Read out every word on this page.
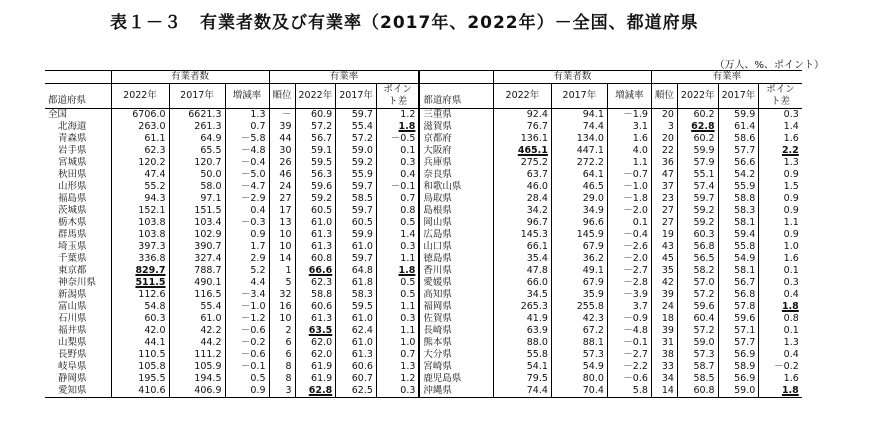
表１－３　有業者数及び有業率（2017年、2022年）－全国、都道府県
（万人、%、ポイント）
	有業者数			有業率					有業者数			有業率			
都道府県	2022年	2017年	増減率	順位	2022年	2017年	ポイント差	都道府県	2022年	2017年	増減率	順位	2022年	2017年	ポイント差
全国	6706.0	6621.3	1.3	－	60.9	59.7	1.2	三重県	92.4	94.1	－1.9	20	60.2	59.9	0.3
北海道	263.0	261.3	0.7	39	57.2	55.4	1.8	滋賀県	76.7	74.4	3.1	3	62.8	61.4	1.4
青森県	61.1	64.9	－5.8	44	56.7	57.2	－0.5	京都府	136.1	134.0	1.6	20	60.2	58.6	1.6
岩手県	62.3	65.5	－4.8	30	59.1	59.0	0.1	大阪府	465.1	447.1	4.0	22	59.9	57.7	2.2
宮城県	120.2	120.7	－0.4	26	59.5	59.2	0.3	兵庫県	275.2	272.2	1.1	36	57.9	56.6	1.3
秋田県	47.4	50.0	－5.0	46	56.3	55.9	0.4	奈良県	63.7	64.1	－0.7	47	55.1	54.2	0.9
山形県	55.2	58.0	－4.7	24	59.6	59.7	－0.1	和歌山県	46.0	46.5	－1.0	37	57.4	55.9	1.5
福島県	94.3	97.1	－2.9	27	59.2	58.5	0.7	鳥取県	28.4	29.0	－1.8	23	59.7	58.8	0.9
茨城県	152.1	151.5	0.4	17	60.5	59.7	0.8	島根県	34.2	34.9	－2.0	27	59.2	58.3	0.9
栃木県	103.8	103.4	－0.3	13	61.0	60.5	0.5	岡山県	96.7	96.6	0.1	27	59.2	58.1	1.1
群馬県	103.8	102.9	0.9	10	61.3	59.9	1.4	広島県	145.3	145.9	－0.4	19	60.3	59.4	0.9
埼玉県	397.3	390.7	1.7	10	61.3	61.0	0.3	山口県	66.1	67.9	－2.6	43	56.8	55.8	1.0
千葉県	336.8	327.4	2.9	14	60.8	59.7	1.1	徳島県	35.4	36.2	－2.0	45	56.5	54.9	1.6
東京都	829.7	788.7	5.2	1	66.6	64.8	1.8	香川県	47.8	49.1	－2.7	35	58.2	58.1	0.1
神奈川県	511.5	490.1	4.4	5	62.3	61.8	0.5	愛媛県	66.0	67.9	－2.8	42	57.0	56.7	0.3
新潟県	112.6	116.5	－3.4	32	58.8	58.3	0.5	高知県	34.5	35.9	－3.9	39	57.2	56.8	0.4
富山県	54.8	55.4	－1.0	16	60.6	59.5	1.1	福岡県	265.3	255.8	3.7	24	59.6	57.8	1.8
石川県	60.3	61.0	－1.2	10	61.3	61.0	0.3	佐賀県	41.9	42.3	－0.9	18	60.4	59.6	0.8
福井県	42.0	42.2	－0.6	2	63.5	62.4	1.1	長崎県	63.9	67.2	－4.8	39	57.2	57.1	0.1
山梨県	44.1	44.2	－0.2	6	62.0	61.0	1.0	熊本県	88.0	88.1	－0.1	31	59.0	57.7	1.3
長野県	110.5	111.2	－0.6	6	62.0	61.3	0.7	大分県	55.8	57.3	－2.7	38	57.3	56.9	0.4
岐阜県	105.8	105.9	－0.1	8	61.9	60.6	1.3	宮崎県	54.1	54.9	－2.2	33	58.7	58.9	－0.2
静岡県	195.5	194.5	0.5	8	61.9	60.7	1.2	鹿児島県	79.5	80.0	－0.6	34	58.5	56.9	1.6
愛知県	410.6	406.9	0.9	3	62.8	62.5	0.3	沖縄県	74.4	70.4	5.8	14	60.8	59.0	1.8
